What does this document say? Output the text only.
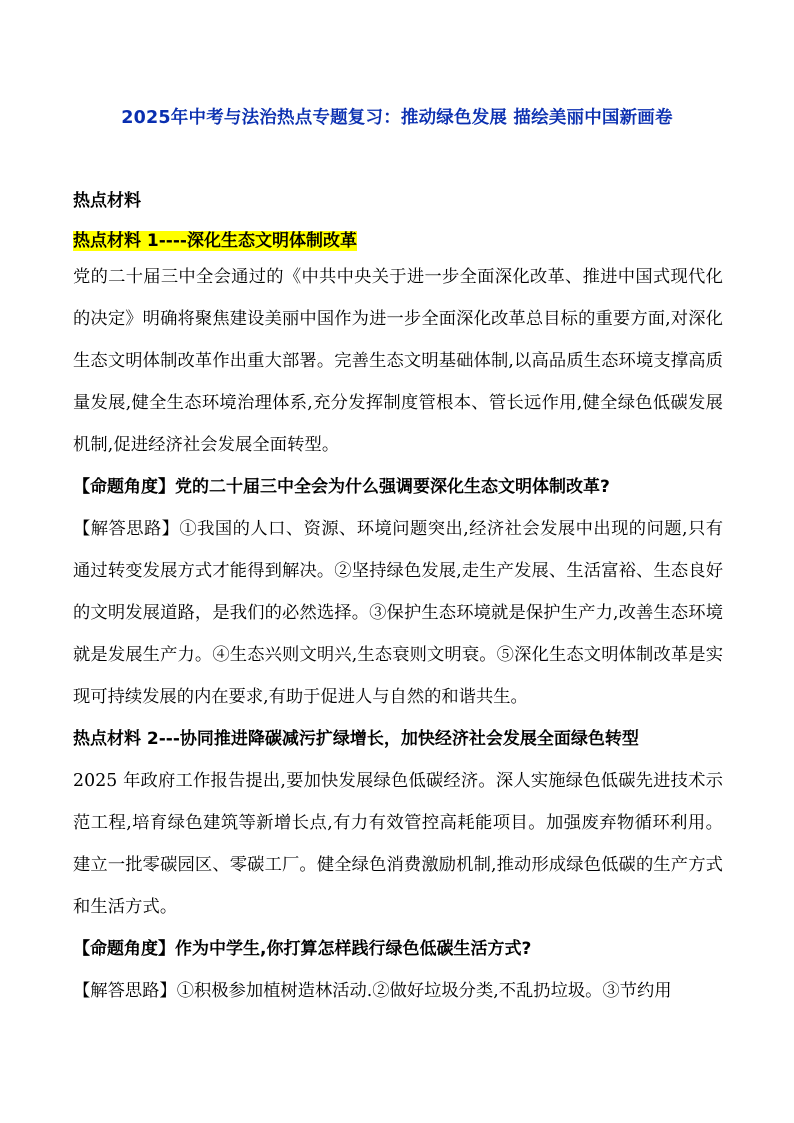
2025年中考与法治热点专题复习：推动绿色发展 描绘美丽中国新画卷
热点材料
热点材料 1----深化生态文明体制改革
党的二十届三中全会通过的《中共中央关于进一步全面深化改革、推进中国式现代化的决定》明确将聚焦建设美丽中国作为进一步全面深化改革总目标的重要方面,对深化生态文明体制改革作出重大部署。完善生态文明基础体制,以高品质生态环境支撑高质量发展,健全生态环境治理体系,充分发挥制度管根本、管长远作用,健全绿色低碳发展机制,促进经济社会发展全面转型。
【命题角度】党的二十届三中全会为什么强调要深化生态文明体制改革?
【解答思路】①我国的人口、资源、环境问题突出,经济社会发展中出现的问题,只有通过转变发展方式才能得到解决。②坚持绿色发展,走生产发展、生活富裕、生态良好的文明发展道路，是我们的必然选择。③保护生态环境就是保护生产力,改善生态环境就是发展生产力。④生态兴则文明兴,生态衰则文明衰。⑤深化生态文明体制改革是实现可持续发展的内在要求,有助于促进人与自然的和谐共生。
热点材料 2---协同推进降碳减污扩绿增长，加快经济社会发展全面绿色转型
2025 年政府工作报告提出,要加快发展绿色低碳经济。深人实施绿色低碳先进技术示范工程,培育绿色建筑等新增长点,有力有效管控高耗能项目。加强废弃物循环利用。建立一批零碳园区、零碳工厂。健全绿色消费激励机制,推动形成绿色低碳的生产方式和生活方式。
【命题角度】作为中学生,你打算怎样践行绿色低碳生活方式?
【解答思路】①积极参加植树造林活动.②做好垃圾分类,不乱扔垃圾。③节约用
